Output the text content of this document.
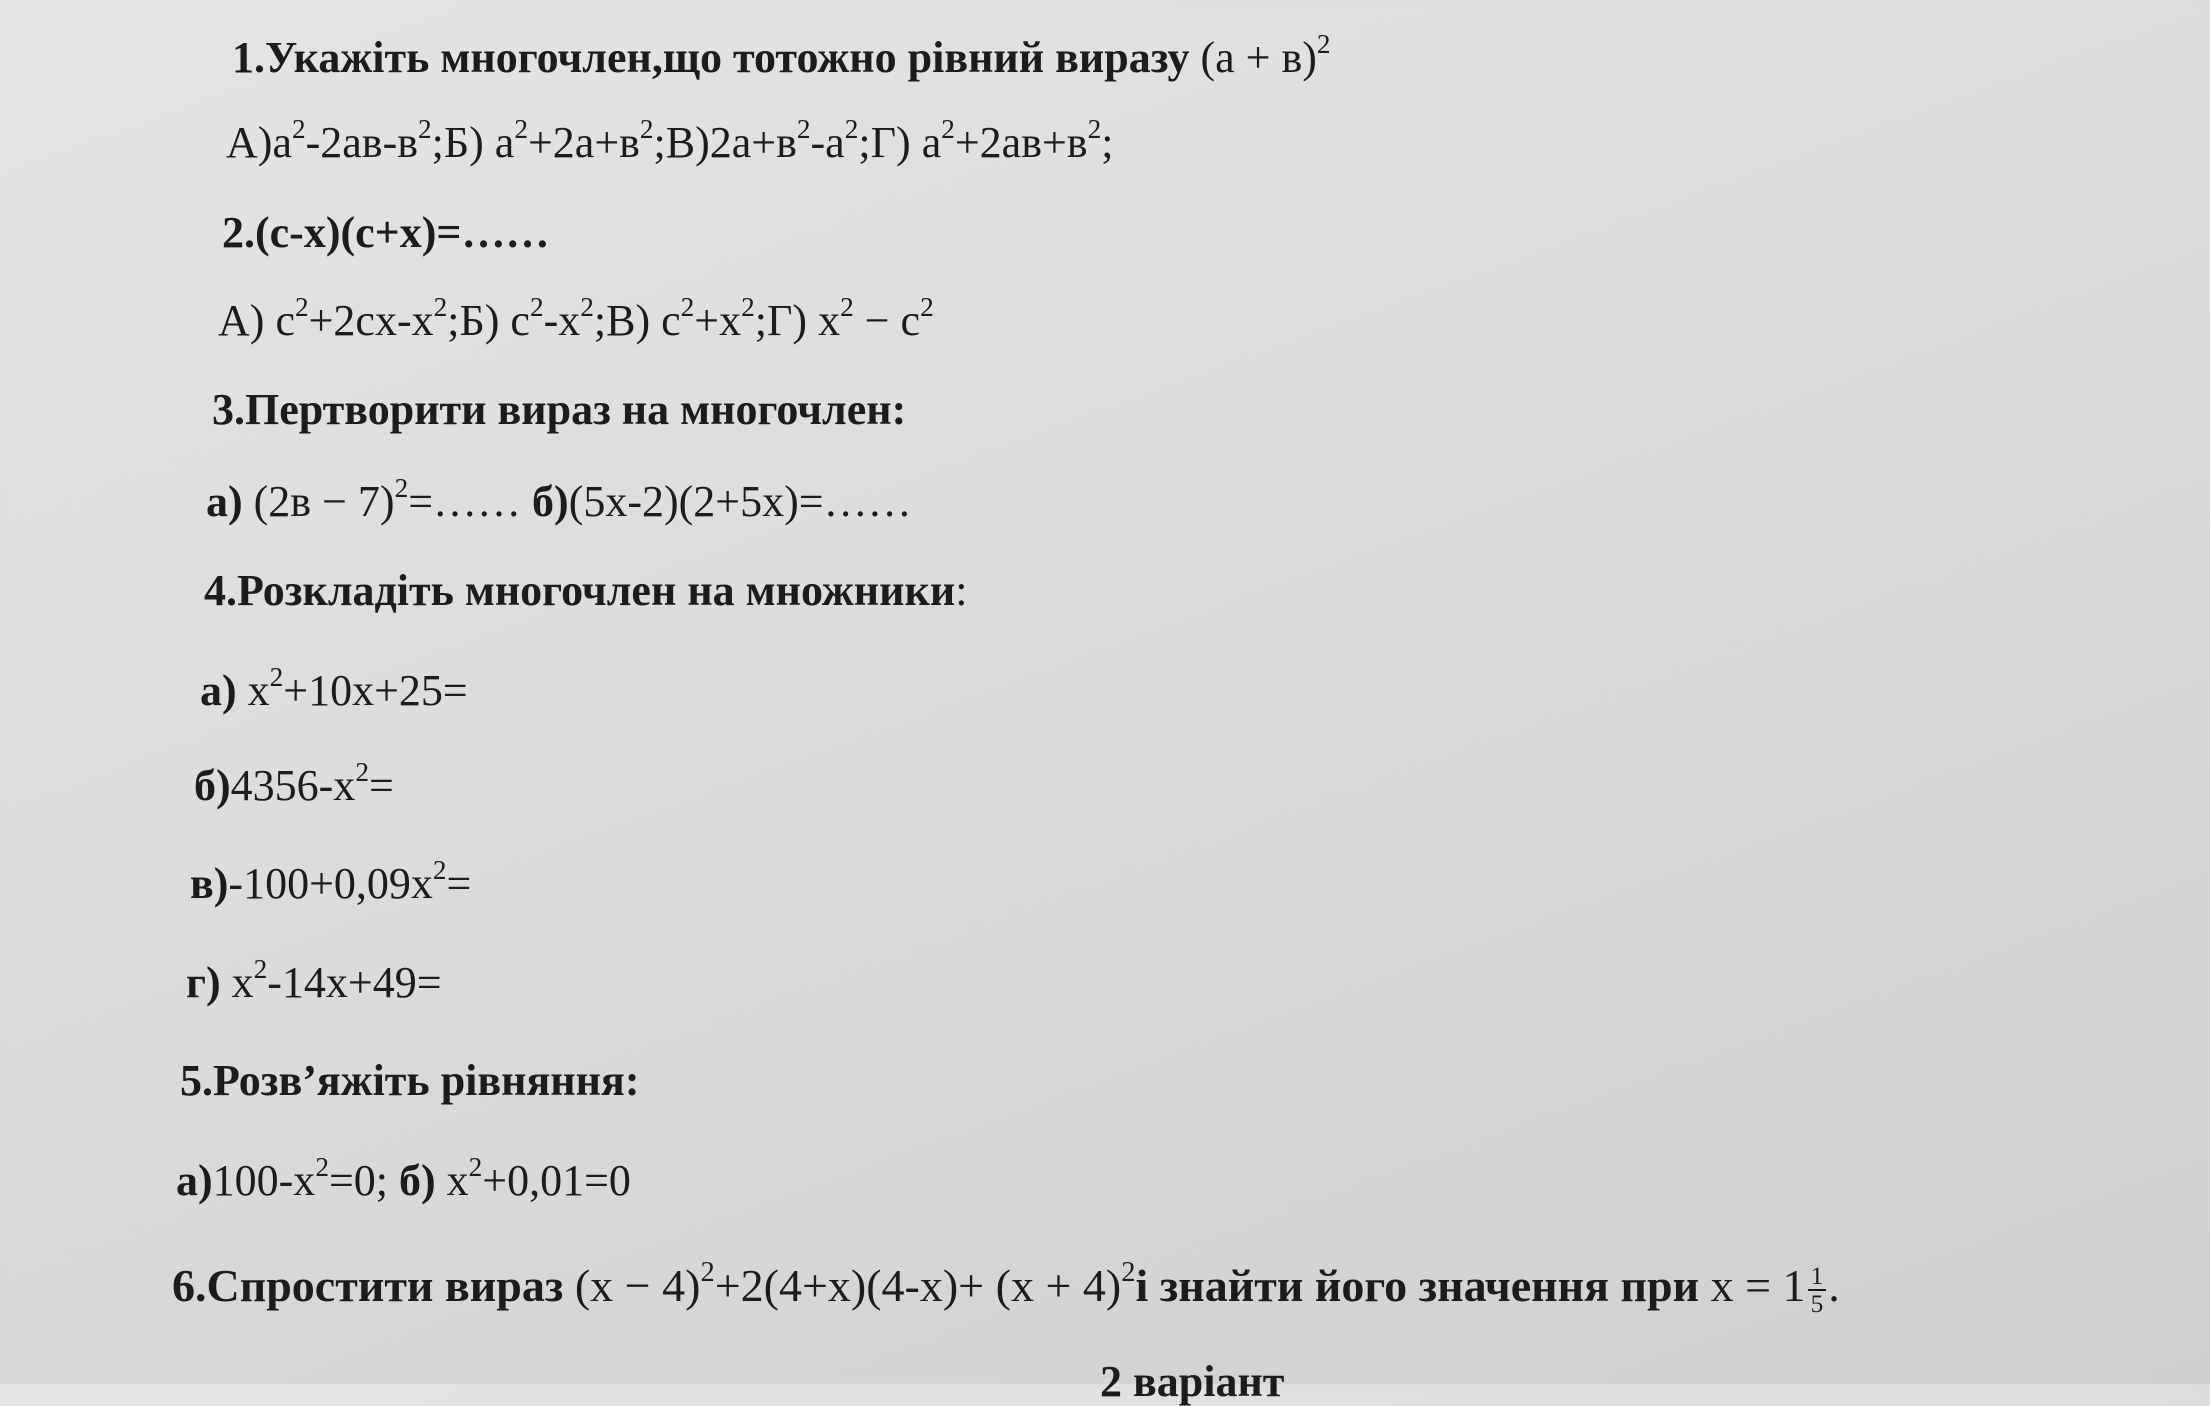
1.Укажіть многочлен,що тотожно рівний виразу $(a + в)^2$
$А)a^2-2aв-в^2;Б$) $a^2+2a+в^2;В)2a+в^2-a^2;Г$) $a^2+2aв+в^2$;
2.(c-x)(c+x)=……
А) $c^2+2cx-x^2;Б$) $c^2-x^2;В$) $c^2+x^2;Г$) $x^2 - c^2$
3.Пертворити вираз на многочлен:
а) $(2в - 7)^2=\dots\dots$ б)(5x-2)(2+5x)=……
4.Розкладіть многочлен на множники:
а) $x^2+10x+25=$
$б)4356-x^2=$
$в)-100+0,09x^2=$
г) $x^2-14x+49=$
5.Розв’яжіть рівняння:
$а)100-x^2=0$; б) $x^2+0,01=0$
6.Спростити вираз $(x - 4)^2+2(4+x)(4-x)+ (x + 4)^2і$ знайти його значення при $x = 1 \frac{1}{5}$ .
2 варіант
